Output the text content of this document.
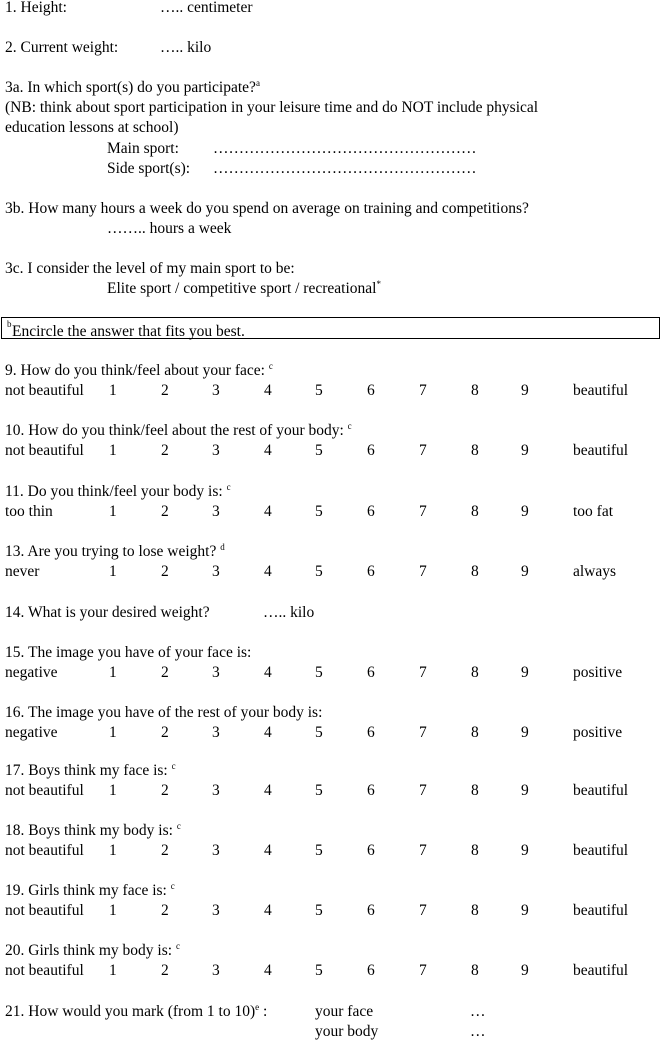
1. Height:	….. centimeter
2. Current weight:	….. kilo
3a. In which sport(s) do you participate?$^a$
(NB: think about sport participation in your leisure time and do NOT include physical
education lessons at school)
Main sport: ……………………………………………
Side sport(s): ……………………………………………
3b. How many hours a week do you spend on average on training and competitions?
…….. hours a week
3c. I consider the level of my main sport to be:
Elite sport / competitive sport / recreational*
Encircle the answer that fits you best.
$^b$
9. How do you think/feel about your face: $^c$
not beautiful 1	2	3	4	5	6	7	8	9	beautiful
10. How do you think/feel about the rest of your body: $^c$
not beautiful 1	2	3	4	5	6	7	8	9	beautiful
11. Do you think/feel your body is: $^c$
too thin	1	2	3	4	5	6	7	8	9	too fat
13. Are you trying to lose weight? $^d$
never	1	2	3	4	5	6	7	8	9	always
15. The image you have of your face is:
negative	1	2	3	4	5	6	7	8	9	positive
16. The image you have of the rest of your body is:
negative	1	2	3	4	5	6	7	8	9	positive
17. Boys think my face is: $^c$
not beautiful 1	2	3	4	5	6	7	8	9	beautiful
18. Boys think my body is: $^c$
not beautiful 1	2	3	4	5	6	7	8	9	beautiful
19. Girls think my face is: $^c$
not beautiful 1	2	3	4	5	6	7	8	9	beautiful
20. Girls think my body is: $^c$
not beautiful 1	2	3	4	5	6	7	8	9	beautiful
14. What is your desired weight?	….. kilo
21. How would you mark (from 1 to 10)$^e$ :	your face	…
your body	…
